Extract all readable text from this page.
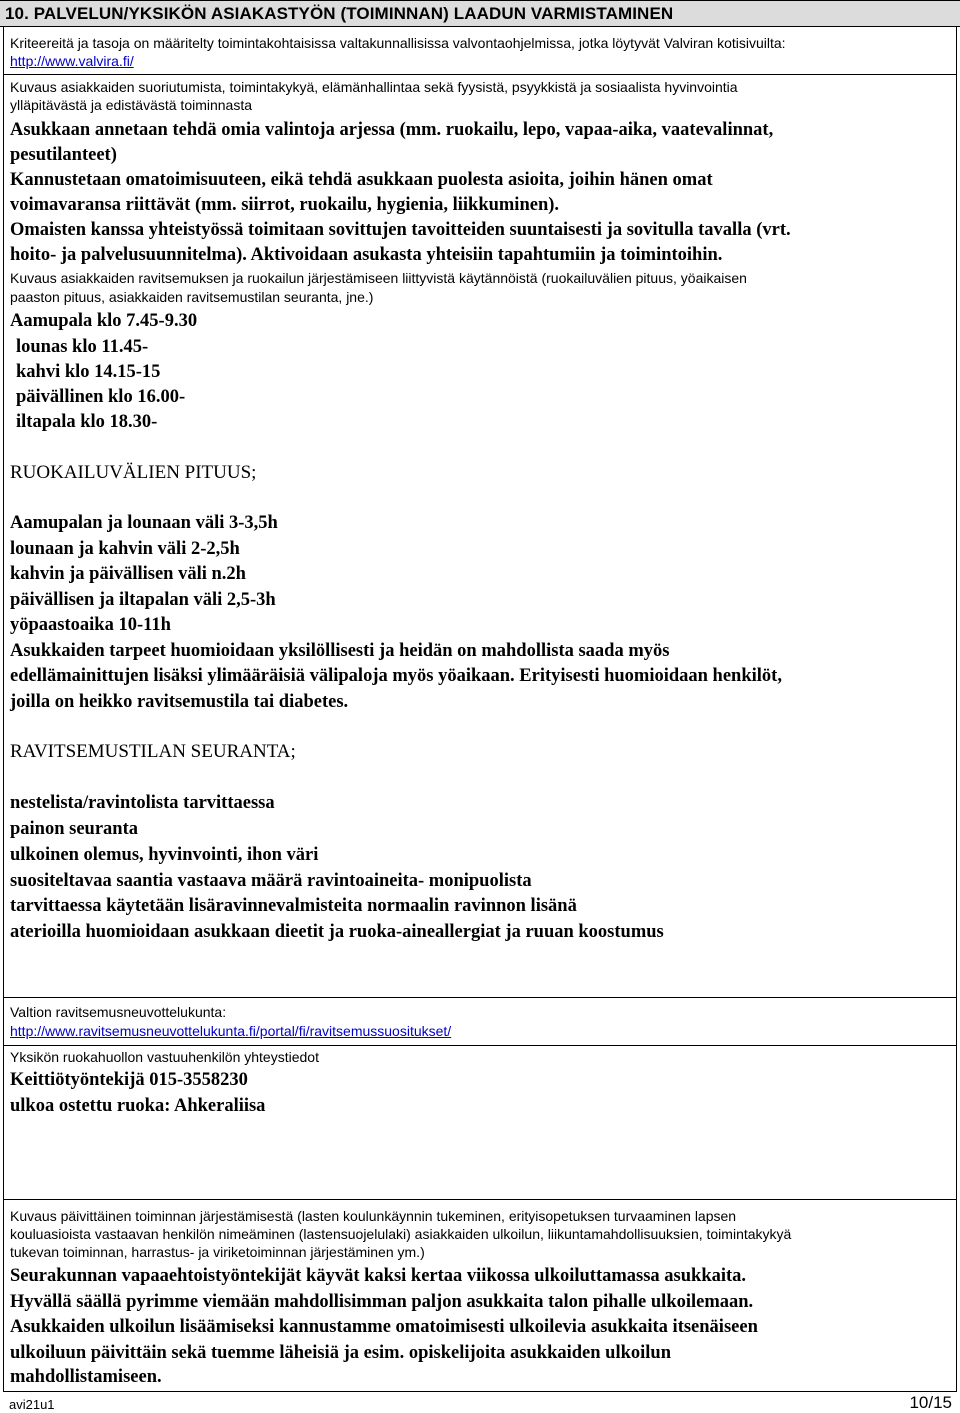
10. PALVELUN/YKSIKÖN ASIAKASTYÖN (TOIMINNAN) LAADUN VARMISTAMINEN
Kriteereitä ja tasoja on määritelty toimintakohtaisissa valtakunnallisissa valvontaohjelmissa, jotka löytyvät Valviran kotisivuilta:
http://www.valvira.fi/
Kuvaus asiakkaiden suoriutumista, toimintakykyä, elämänhallintaa sekä fyysistä, psyykkistä ja sosiaalista hyvinvointia
ylläpitävästä ja edistävästä toiminnasta
Asukkaan annetaan tehdä omia valintoja arjessa (mm. ruokailu, lepo, vapaa-aika, vaatevalinnat,
pesutilanteet)
Kannustetaan omatoimisuuteen, eikä tehdä asukkaan puolesta asioita, joihin hänen omat
voimavaransa riittävät (mm. siirrot, ruokailu, hygienia, liikkuminen).
Omaisten kanssa yhteistyössä toimitaan sovittujen tavoitteiden suuntaisesti ja sovitulla tavalla (vrt.
hoito- ja palvelusuunnitelma). Aktivoidaan asukasta yhteisiin tapahtumiin ja toimintoihin.
Kuvaus asiakkaiden ravitsemuksen ja ruokailun järjestämiseen liittyvistä käytännöistä (ruokailuvälien pituus, yöaikaisen
paaston pituus, asiakkaiden ravitsemustilan seuranta, jne.)
Aamupala klo 7.45-9.30
lounas klo 11.45-
kahvi klo 14.15-15
päivällinen klo 16.00-
iltapala klo 18.30-
RUOKAILUVÄLIEN PITUUS;
Aamupalan ja lounaan väli 3-3,5h
lounaan ja kahvin väli 2-2,5h
kahvin ja päivällisen väli n.2h
päivällisen ja iltapalan väli 2,5-3h
yöpaastoaika 10-11h
Asukkaiden tarpeet huomioidaan yksilöllisesti ja heidän on mahdollista saada myös
edellämainittujen lisäksi ylimääräisiä välipaloja myös yöaikaan. Erityisesti huomioidaan henkilöt,
joilla on heikko ravitsemustila tai diabetes.
RAVITSEMUSTILAN SEURANTA;
nestelista/ravintolista tarvittaessa
painon seuranta
ulkoinen olemus, hyvinvointi, ihon väri
suositeltavaa saantia vastaava määrä ravintoaineita- monipuolista
tarvittaessa käytetään lisäravinnevalmisteita normaalin ravinnon lisänä
aterioilla huomioidaan asukkaan dieetit ja ruoka-aineallergiat ja ruuan koostumus
Valtion ravitsemusneuvottelukunta:
http://www.ravitsemusneuvottelukunta.fi/portal/fi/ravitsemussuositukset/
Yksikön ruokahuollon vastuuhenkilön yhteystiedot
Keittiötyöntekijä 015-3558230
ulkoa ostettu ruoka: Ahkeraliisa
Kuvaus päivittäinen toiminnan järjestämisestä (lasten koulunkäynnin tukeminen, erityisopetuksen turvaaminen lapsen
kouluasioista vastaavan henkilön nimeäminen (lastensuojelulaki) asiakkaiden ulkoilun, liikuntamahdollisuuksien, toimintakykyä
tukevan toiminnan, harrastus- ja viriketoiminnan järjestäminen ym.)
Seurakunnan vapaaehtoistyöntekijät käyvät kaksi kertaa viikossa ulkoiluttamassa asukkaita.
Hyvällä säällä pyrimme viemään mahdollisimman paljon asukkaita talon pihalle ulkoilemaan.
Asukkaiden ulkoilun lisäämiseksi kannustamme omatoimisesti ulkoilevia asukkaita itsenäiseen
ulkoiluun päivittäin sekä tuemme läheisiä ja esim. opiskelijoita asukkaiden ulkoilun
mahdollistamiseen.
avi21u1	10/15
